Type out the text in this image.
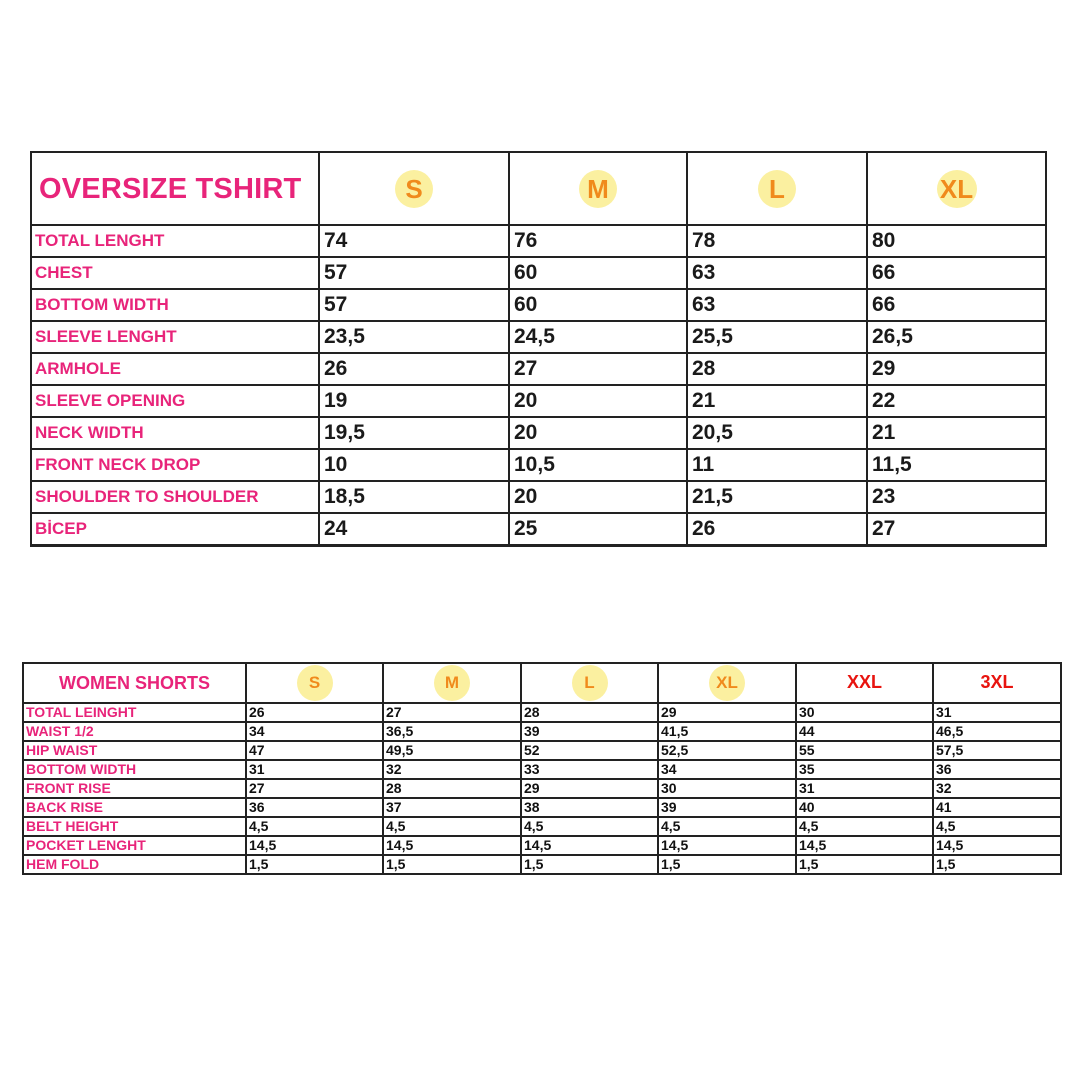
OVERSIZE TSHIRT	S	M	L	XL
TOTAL LENGHT	74	76	78	80
CHEST	57	60	63	66
BOTTOM WIDTH	57	60	63	66
SLEEVE LENGHT	23,5	24,5	25,5	26,5
ARMHOLE	26	27	28	29
SLEEVE OPENING	19	20	21	22
NECK WIDTH	19,5	20	20,5	21
FRONT NECK DROP	10	10,5	11	11,5
SHOULDER TO SHOULDER	18,5	20	21,5	23
BİCEP	24	25	26	27
WOMEN SHORTS	S	M	L	XL	XXL	3XL
TOTAL LEINGHT	26	27	28	29	30	31
WAIST 1/2	34	36,5	39	41,5	44	46,5
HIP WAIST	47	49,5	52	52,5	55	57,5
BOTTOM WIDTH	31	32	33	34	35	36
FRONT RISE	27	28	29	30	31	32
BACK RISE	36	37	38	39	40	41
BELT HEIGHT	4,5	4,5	4,5	4,5	4,5	4,5
POCKET LENGHT	14,5	14,5	14,5	14,5	14,5	14,5
HEM FOLD	1,5	1,5	1,5	1,5	1,5	1,5
